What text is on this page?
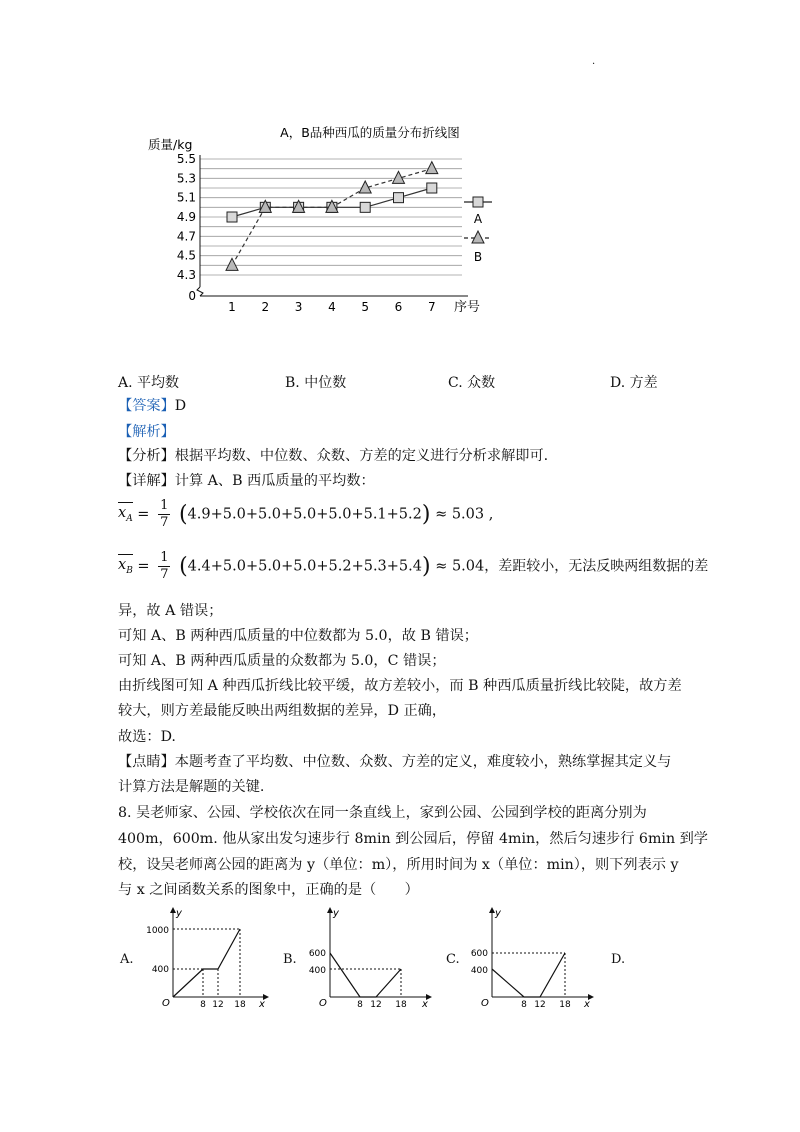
.
A，B品种西瓜的质量分布折线图
质量/kg
5.5
5.3
5.1
4.9
4.7
4.5
4.3
0
1 2 3 4 5 6 7 序号
A
B
A. 平均数	B. 中位数	C. 众数	D. 方差
【答案】D
【解析】
【分析】根据平均数、中位数、众数、方差的定义进行分析求解即可.
【详解】计算 A、B 西瓜质量的平均数：
$x_A = \frac{1}{7} (4.9+5.0+5.0+5.0+5.0+5.1+5.2) \approx 5.03$ ,
$x_B = \frac{1}{7} (4.4+5.0+5.0+5.0+5.2+5.3+5.4) \approx 5.04$，差距较小，无法反映两组数据的差
异，故 A 错误；
可知 A、B 两种西瓜质量的中位数都为 5.0，故 B 错误；
可知 A、B 两种西瓜质量的众数都为 5.0，C 错误；
由折线图可知 A 种西瓜折线比较平缓，故方差较小，而 B 种西瓜质量折线比较陡，故方差
较大，则方差最能反映出两组数据的差异，D 正确，
故选：D.
【点睛】本题考查了平均数、中位数、众数、方差的定义，难度较小，熟练掌握其定义与
计算方法是解题的关键.
8. 吴老师家、公园、学校依次在同一条直线上，家到公园、公园到学校的距离分别为
400m，600m. 他从家出发匀速步行 8min 到公园后，停留 4min，然后匀速步行 6min 到学
校，设吴老师离公园的距离为 y（单位：m），所用时间为 x（单位：min），则下列表示 y
与 x 之间函数关系的图象中，正确的是（　　）
A.	B.	C.	D.
y
x
O
1000
400
8 12 18
y
x
O
600
400
8 12 18
y
x
O
600
400
8 12 18
